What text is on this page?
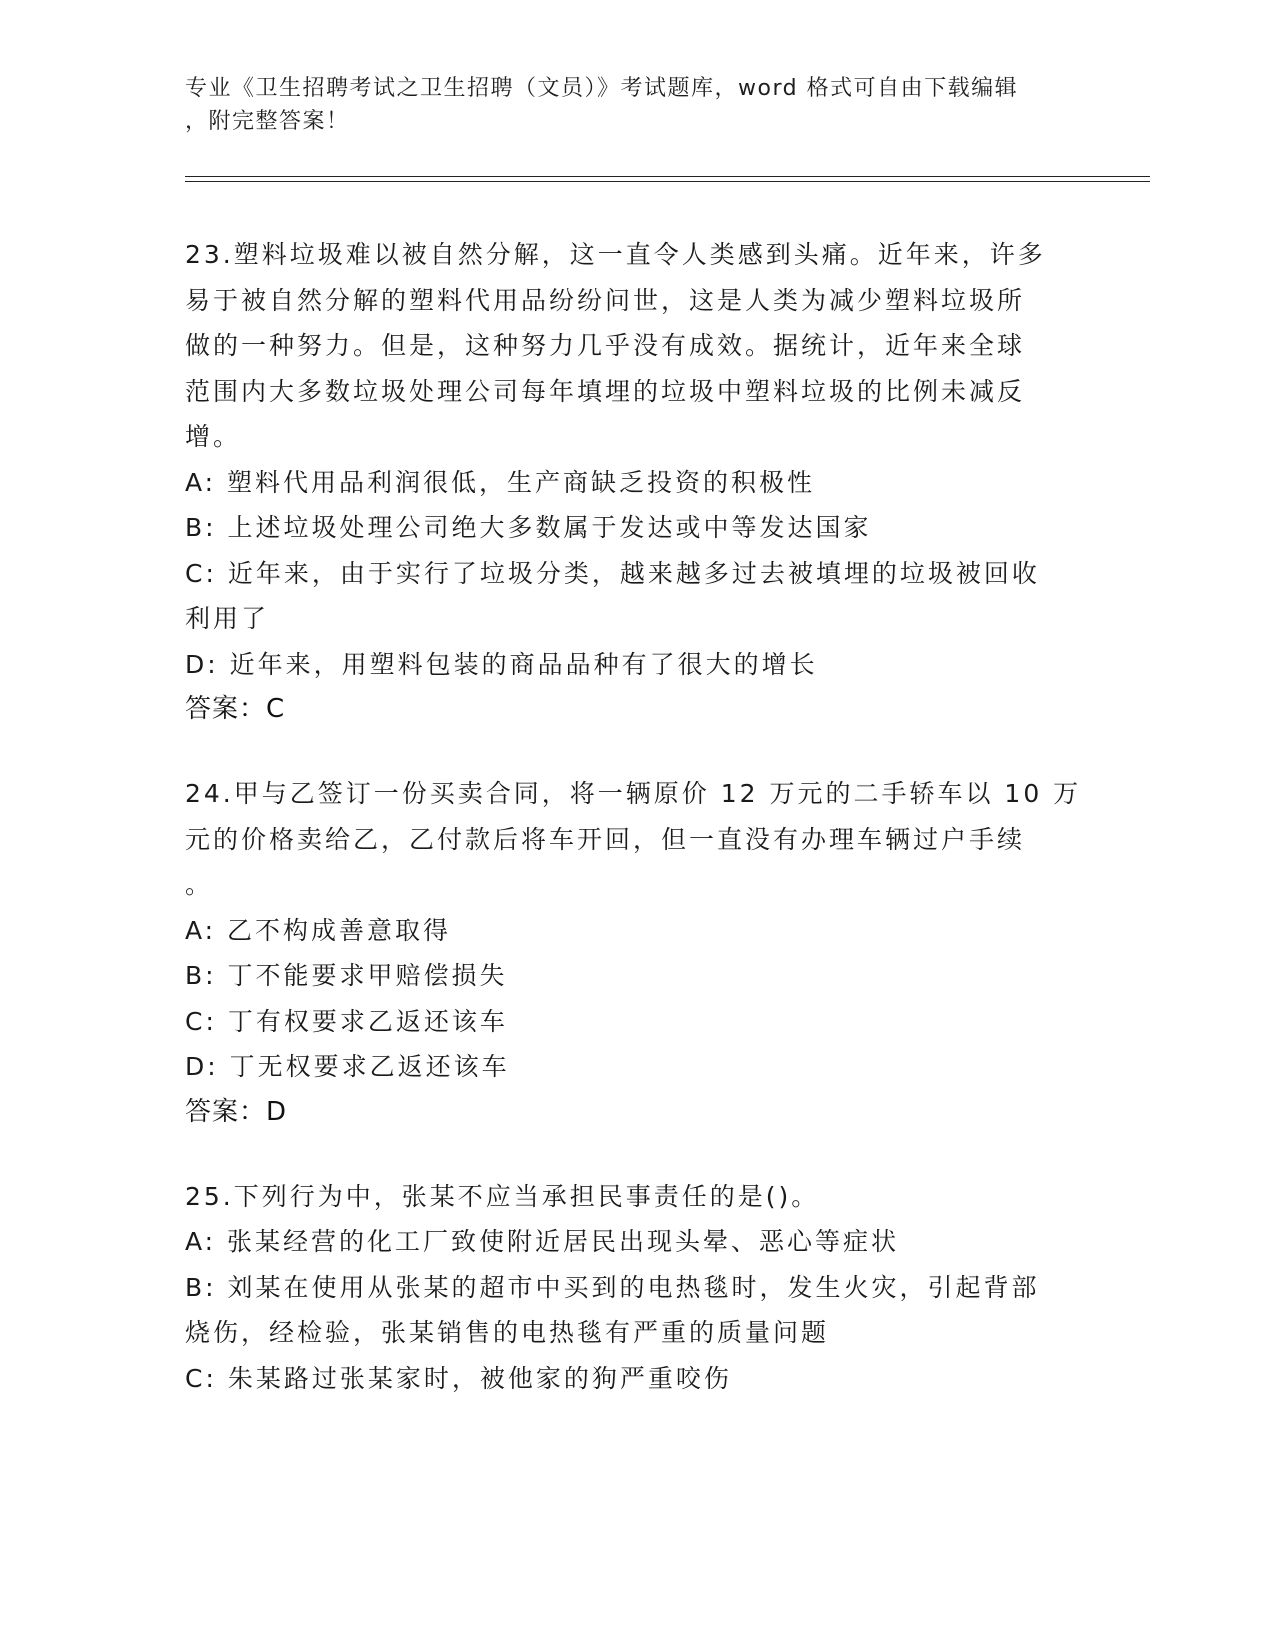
专业《卫生招聘考试之卫生招聘（文员）》考试题库，word 格式可自由下载编辑
，附完整答案！
23.塑料垃圾难以被自然分解，这一直令人类感到头痛。近年来，许多
易于被自然分解的塑料代用品纷纷问世，这是人类为减少塑料垃圾所
做的一种努力。但是，这种努力几乎没有成效。据统计，近年来全球
范围内大多数垃圾处理公司每年填埋的垃圾中塑料垃圾的比例未减反
增。
A: 塑料代用品利润很低，生产商缺乏投资的积极性
B: 上述垃圾处理公司绝大多数属于发达或中等发达国家
C: 近年来，由于实行了垃圾分类，越来越多过去被填埋的垃圾被回收
利用了
D: 近年来，用塑料包装的商品品种有了很大的增长
答案：C
24.甲与乙签订一份买卖合同，将一辆原价 12 万元的二手轿车以 10 万
元的价格卖给乙，乙付款后将车开回，但一直没有办理车辆过户手续
。
A: 乙不构成善意取得
B: 丁不能要求甲赔偿损失
C: 丁有权要求乙返还该车
D: 丁无权要求乙返还该车
答案：D
25.下列行为中，张某不应当承担民事责任的是()。
A: 张某经营的化工厂致使附近居民出现头晕、恶心等症状
B: 刘某在使用从张某的超市中买到的电热毯时，发生火灾，引起背部
烧伤，经检验，张某销售的电热毯有严重的质量问题
C: 朱某路过张某家时，被他家的狗严重咬伤
